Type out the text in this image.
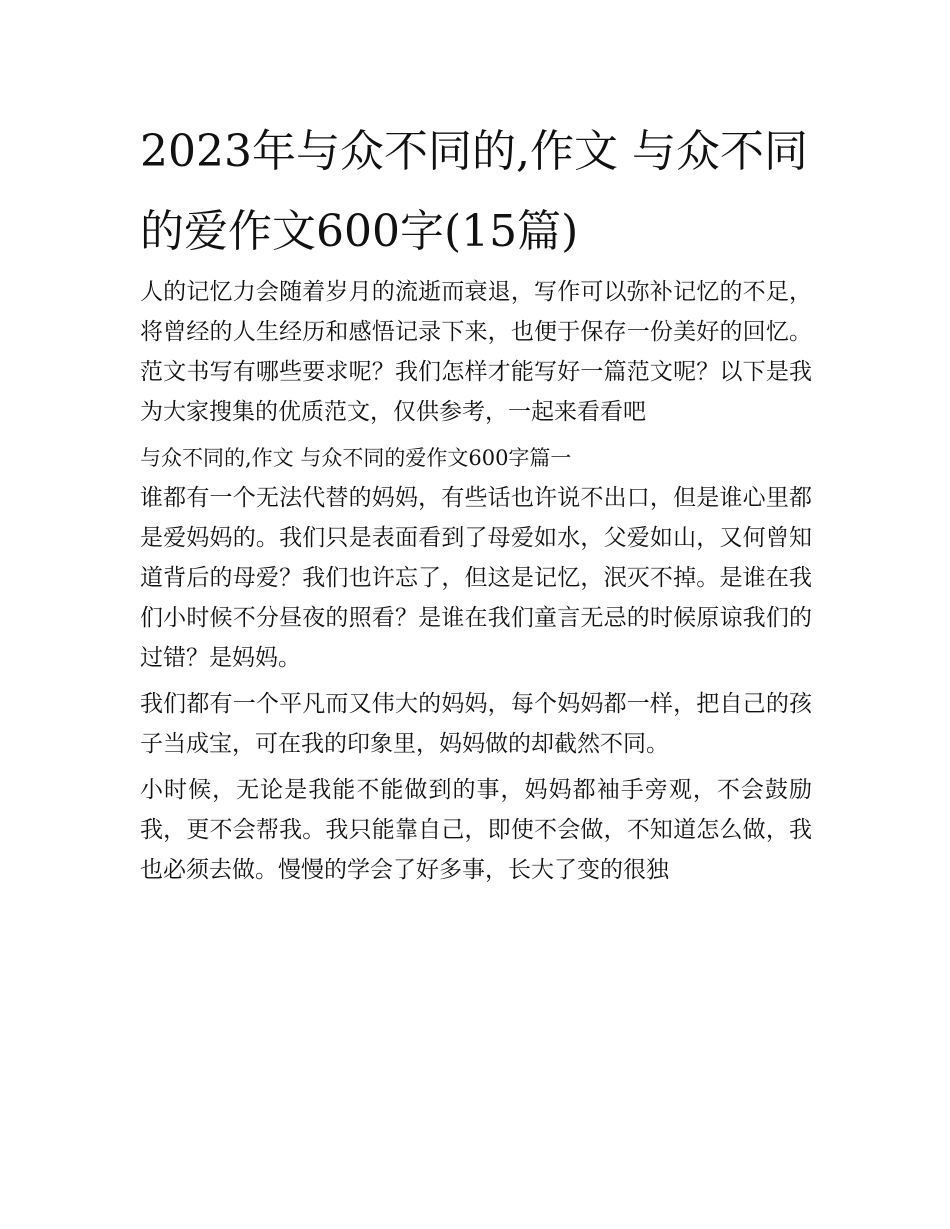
2023年与众不同的,作文 与众不同的爱作文600字(15篇)

人的记忆力会随着岁月的流逝而衰退，写作可以弥补记忆的不足，将曾经的人生经历和感悟记录下来，也便于保存一份美好的回忆。范文书写有哪些要求呢？我们怎样才能写好一篇范文呢？以下是我为大家搜集的优质范文，仅供参考，一起来看看吧

与众不同的,作文 与众不同的爱作文600字篇一

谁都有一个无法代替的妈妈，有些话也许说不出口，但是谁心里都是爱妈妈的。我们只是表面看到了母爱如水，父爱如山，又何曾知道背后的母爱？我们也许忘了，但这是记忆，泯灭不掉。是谁在我们小时候不分昼夜的照看？是谁在我们童言无忌的时候原谅我们的过错？是妈妈。

我们都有一个平凡而又伟大的妈妈，每个妈妈都一样，把自己的孩子当成宝，可在我的印象里，妈妈做的却截然不同。

小时候，无论是我能不能做到的事，妈妈都袖手旁观，不会鼓励我，更不会帮我。我只能靠自己，即使不会做，不知道怎么做，我也必须去做。慢慢的学会了好多事，长大了变的很独
